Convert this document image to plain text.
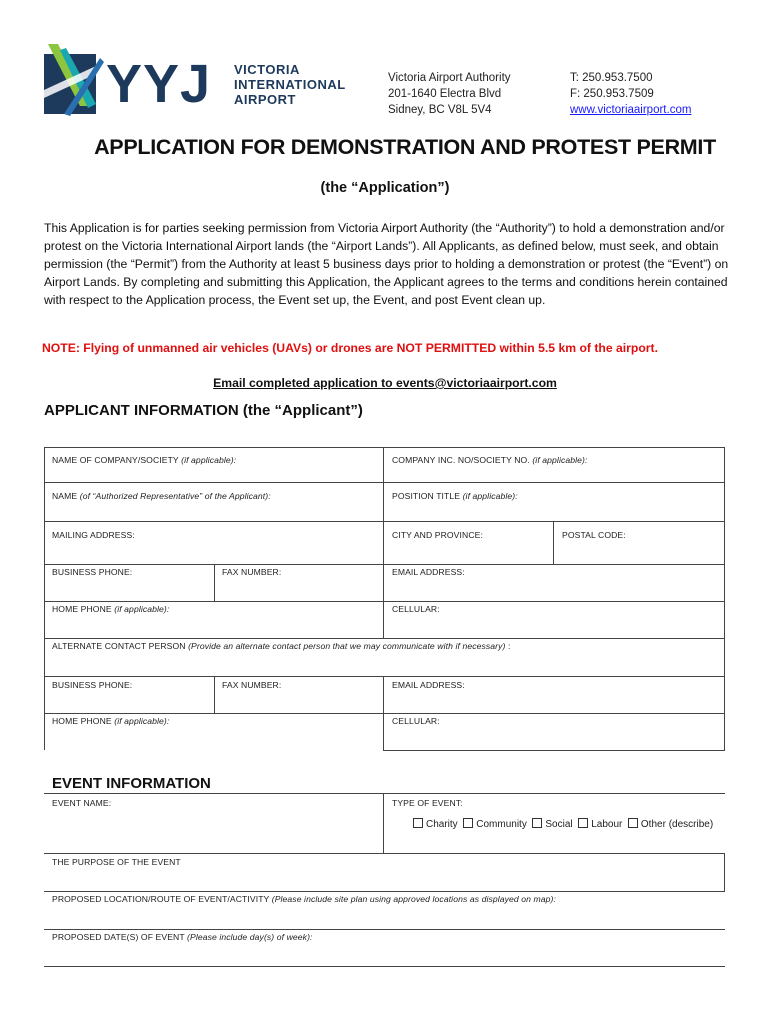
YYJ VICTORIA
INTERNATIONAL
AIRPORT
Victoria Airport Authority
201-1640 Electra Blvd
Sidney, BC V8L 5V4
T: 250.953.7500
F: 250.953.7509
www.victoriaairport.com
APPLICATION FOR DEMONSTRATION AND PROTEST PERMIT
(the “Application”)
This Application is for parties seeking permission from Victoria Airport Authority (the “Authority”) to hold a demonstration and/or protest on the Victoria International Airport lands (the “Airport Lands”). All Applicants, as defined below, must seek, and obtain permission (the “Permit”) from the Authority at least 5 business days prior to holding a demonstration or protest (the “Event”) on Airport Lands. By completing and submitting this Application, the Applicant agrees to the terms and conditions herein contained with respect to the Application process, the Event set up, the Event, and post Event clean up.
NOTE: Flying of unmanned air vehicles (UAVs) or drones are NOT PERMITTED within 5.5 km of the airport.
Email completed application to events@victoriaairport.com
APPLICANT INFORMATION (the “Applicant”)
NAME OF COMPANY/SOCIETY (if applicable):	COMPANY INC. NO/SOCIETY NO. (if applicable):
NAME (of “Authorized Representative” of the Applicant):	POSITION TITLE (if applicable):
MAILING ADDRESS:	CITY AND PROVINCE:	POSTAL CODE:
BUSINESS PHONE:	FAX NUMBER:	EMAIL ADDRESS:
HOME PHONE (if applicable):	CELLULAR:
ALTERNATE CONTACT PERSON (Provide an alternate contact person that we may communicate with if necessary) :
BUSINESS PHONE:	FAX NUMBER:	EMAIL ADDRESS:
HOME PHONE (if applicable):	CELLULAR:
EVENT INFORMATION
EVENT NAME:	TYPE OF EVENT:
Charity Community Social Labour Other (describe)
THE PURPOSE OF THE EVENT
PROPOSED LOCATION/ROUTE OF EVENT/ACTIVITY (Please include site plan using approved locations as displayed on map):
PROPOSED DATE(S) OF EVENT (Please include day(s) of week):
